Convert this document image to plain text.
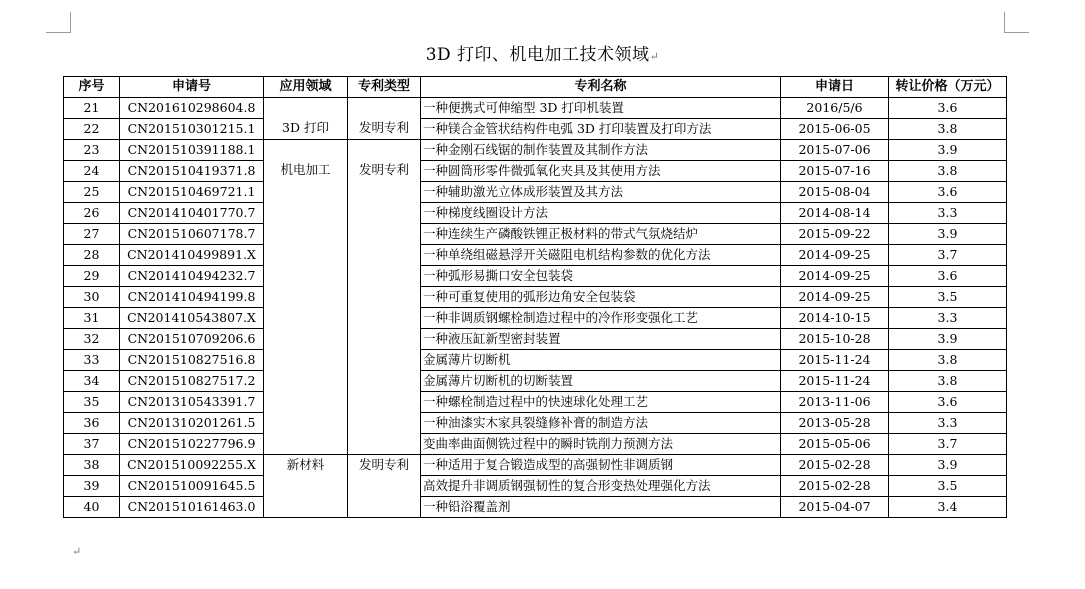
3D 打印、机电加工技术领域↵
序号	申请号	应用领域	专利类型	专利名称	申请日	转让价格（万元）
21	CN201610298604.8	3D 打印	发明专利	一种便携式可伸缩型 3D 打印机装置	2016/5/6	3.6
22	CN201510301215.1			一种镁合金管状结构件电弧 3D 打印装置及打印方法	2015-06-05	3.8
23	CN201510391188.1	机电加工	发明专利	一种金刚石线锯的制作装置及其制作方法	2015-07-06	3.9
24	CN201510419371.8			一种圆筒形零件微弧氧化夹具及其使用方法	2015-07-16	3.8
25	CN201510469721.1			一种辅助激光立体成形装置及其方法	2015-08-04	3.6
26	CN201410401770.7			一种梯度线圈设计方法	2014-08-14	3.3
27	CN201510607178.7			一种连续生产磷酸铁锂正极材料的带式气氛烧结炉	2015-09-22	3.9
28	CN201410499891.X			一种单绕组磁悬浮开关磁阻电机结构参数的优化方法	2014-09-25	3.7
29	CN201410494232.7			一种弧形易撕口安全包装袋	2014-09-25	3.6
30	CN201410494199.8			一种可重复使用的弧形边角安全包装袋	2014-09-25	3.5
31	CN201410543807.X			一种非调质钢螺栓制造过程中的冷作形变强化工艺	2014-10-15	3.3
32	CN201510709206.6			一种液压缸新型密封装置	2015-10-28	3.9
33	CN201510827516.8			金属薄片切断机	2015-11-24	3.8
34	CN201510827517.2			金属薄片切断机的切断装置	2015-11-24	3.8
35	CN201310543391.7			一种螺栓制造过程中的快速球化处理工艺	2013-11-06	3.6
36	CN201310201261.5			一种油漆实木家具裂缝修补膏的制造方法	2013-05-28	3.3
37	CN201510227796.9			变曲率曲面侧铣过程中的瞬时铣削力预测方法	2015-05-06	3.7
38	CN201510092255.X	新材料	发明专利	一种适用于复合锻造成型的高强韧性非调质钢	2015-02-28	3.9
39	CN201510091645.5			高效提升非调质钢强韧性的复合形变热处理强化方法	2015-02-28	3.5
40	CN201510161463.0			一种铅浴覆盖剂	2015-04-07	3.4
↵
